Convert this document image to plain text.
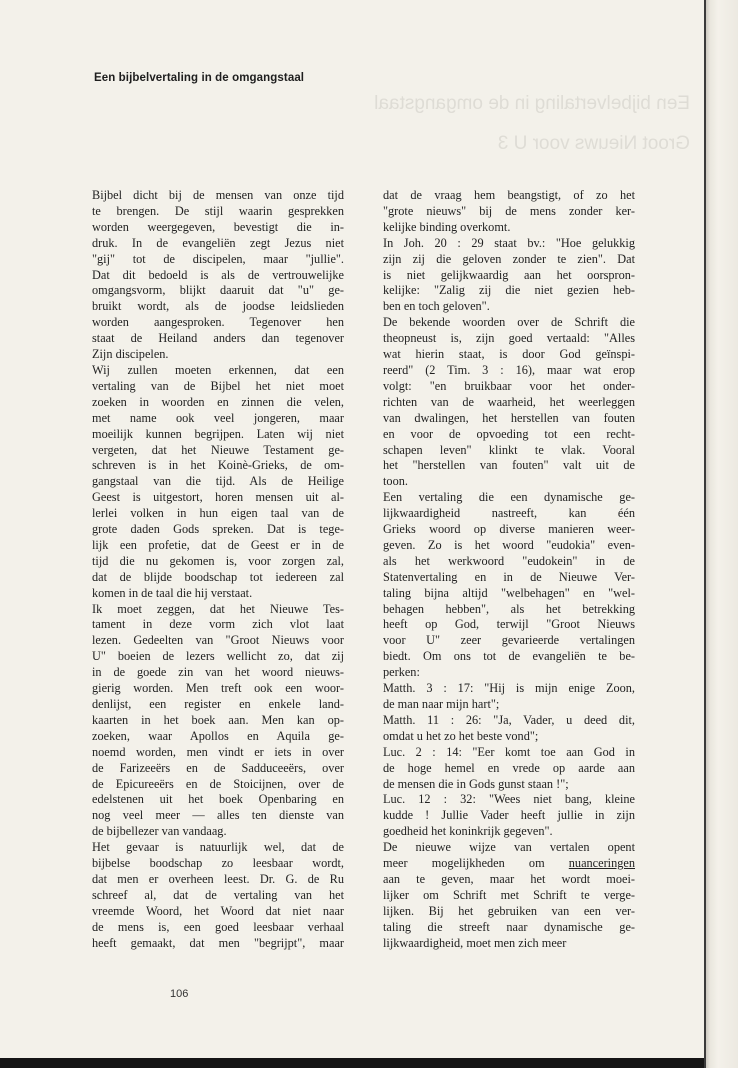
Een bijbelvertaling in de omgangstaal
Een bijbelvertaling in de omgangstaal
Groot Nieuws voor U 3

Bijbel dicht bij de mensen van onze tijd

te brengen. De stijl waarin gesprekken

worden weergegeven, bevestigt die in-

druk. In de evangeliën zegt Jezus niet

"gij" tot de discipelen, maar "jullie".

Dat dit bedoeld is als de vertrouwelijke

omgangsvorm, blijkt daaruit dat "u" ge-

bruikt wordt, als de joodse leidslieden

worden aangesproken. Tegenover hen

staat de Heiland anders dan tegenover

Zijn discipelen.

Wij zullen moeten erkennen, dat een

vertaling van de Bijbel het niet moet

zoeken in woorden en zinnen die velen,

met name ook veel jongeren, maar

moeilijk kunnen begrijpen. Laten wij niet

vergeten, dat het Nieuwe Testament ge-

schreven is in het Koinè-Grieks, de om-

gangstaal van die tijd. Als de Heilige

Geest is uitgestort, horen mensen uit al-

lerlei volken in hun eigen taal van de

grote daden Gods spreken. Dat is tege-

lijk een profetie, dat de Geest er in de

tijd die nu gekomen is, voor zorgen zal,

dat de blijde boodschap tot iedereen zal

komen in de taal die hij verstaat.

Ik moet zeggen, dat het Nieuwe Tes-

tament in deze vorm zich vlot laat

lezen. Gedeelten van "Groot Nieuws voor

U" boeien de lezers wellicht zo, dat zij

in de goede zin van het woord nieuws-

gierig worden. Men treft ook een woor-

denlijst, een register en enkele land-

kaarten in het boek aan. Men kan op-

zoeken, waar Apollos en Aquila ge-

noemd worden, men vindt er iets in over

de Farizeeërs en de Sadduceeërs, over

de Epicureeërs en de Stoicijnen, over de

edelstenen uit het boek Openbaring en

nog veel meer — alles ten dienste van

de bijbellezer van vandaag.

Het gevaar is natuurlijk wel, dat de

bijbelse boodschap zo leesbaar wordt,

dat men er overheen leest. Dr. G. de Ru

schreef al, dat de vertaling van het

vreemde Woord, het Woord dat niet naar

de mens is, een goed leesbaar verhaal

heeft gemaakt, dat men "begrijpt", maar

dat de vraag hem beangstigt, of zo het

"grote nieuws" bij de mens zonder ker-

kelijke binding overkomt.

In Joh. 20 : 29 staat bv.: "Hoe gelukkig

zijn zij die geloven zonder te zien". Dat

is niet gelijkwaardig aan het oorspron-

kelijke: "Zalig zij die niet gezien heb-

ben en toch geloven".

De bekende woorden over de Schrift die

theopneust is, zijn goed vertaald: "Alles

wat hierin staat, is door God geïnspi-

reerd" (2 Tim. 3 : 16), maar wat erop

volgt: "en bruikbaar voor het onder-

richten van de waarheid, het weerleggen

van dwalingen, het herstellen van fouten

en voor de opvoeding tot een recht-

schapen leven" klinkt te vlak. Vooral

het "herstellen van fouten" valt uit de

toon.

Een vertaling die een dynamische ge-

lijkwaardigheid nastreeft, kan één

Grieks woord op diverse manieren weer-

geven. Zo is het woord "eudokia" even-

als het werkwoord "eudokein" in de

Statenvertaling en in de Nieuwe Ver-

taling bijna altijd "welbehagen" en "wel-

behagen hebben", als het betrekking

heeft op God, terwijl "Groot Nieuws

voor U" zeer gevarieerde vertalingen

biedt. Om ons tot de evangeliën te be-

perken:

Matth. 3 : 17: "Hij is mijn enige Zoon,

de man naar mijn hart";

Matth. 11 : 26: "Ja, Vader, u deed dit,

omdat u het zo het beste vond";

Luc. 2 : 14: "Eer komt toe aan God in

de hoge hemel en vrede op aarde aan

de mensen die in Gods gunst staan !";

Luc. 12 : 32: "Wees niet bang, kleine

kudde ! Jullie Vader heeft jullie in zijn

goedheid het koninkrijk gegeven".

De nieuwe wijze van vertalen opent

meer mogelijkheden om nuanceringen

aan te geven, maar het wordt moei-

lijker om Schrift met Schrift te verge-

lijken. Bij het gebruiken van een ver-

taling die streeft naar dynamische ge-

lijkwaardigheid, moet men zich meer

106
